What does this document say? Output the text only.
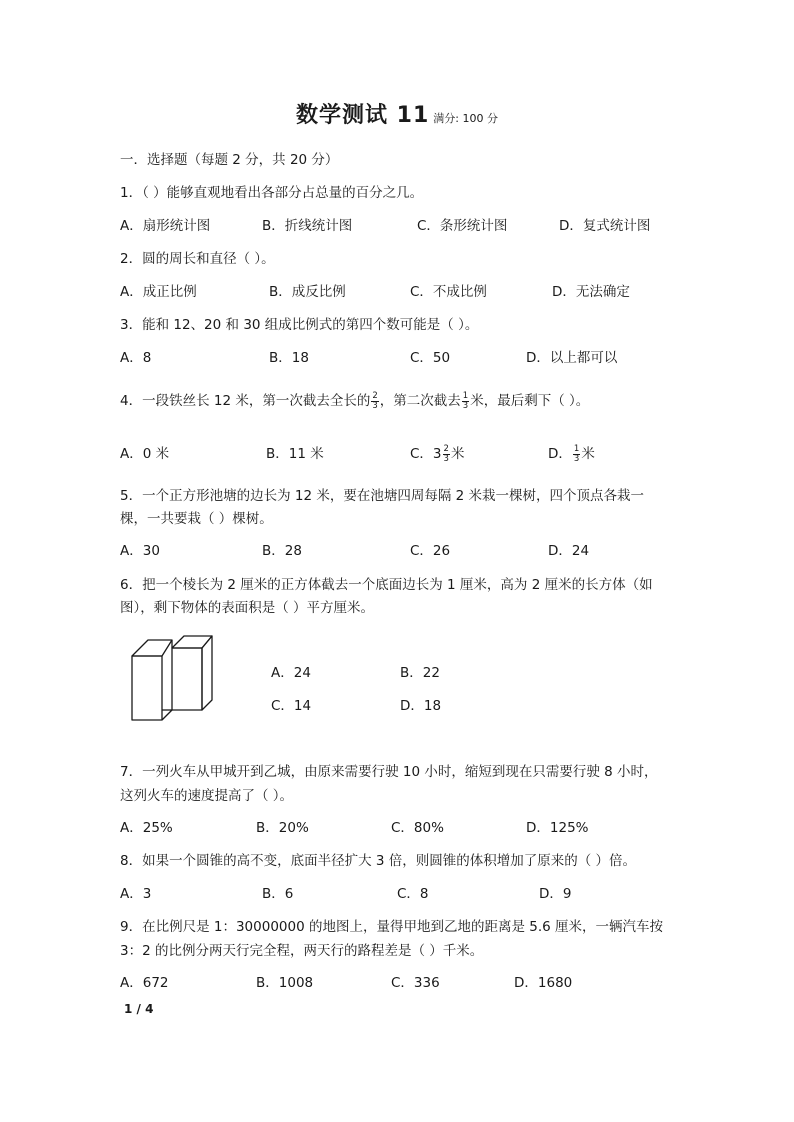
数学测试 11 满分: 100 分
一．选择题（每题 2 分，共 20 分）
1．（ ）能够直观地看出各部分占总量的百分之几。
A．扇形统计图	B．折线统计图	C．条形统计图	D．复式统计图
2．圆的周长和直径（ ）。
A．成正比例	B．成反比例	C．不成比例	D．无法确定
3．能和 12、20 和 30 组成比例式的第四个数可能是（ ）。
A．8	B．18	C．50	D．以上都可以
4．一段铁丝长 12 米，第一次截去全长的 $\frac{2}{3}$ ，第二次截去 $\frac{1}{3}$ 米，最后剩下（ ）。
A．0 米	B．11 米	C．$3 \frac{2}{3}$ 米	D． $\frac{1}{3}$ 米
5．一个正方形池塘的边长为 12 米，要在池塘四周每隔 2 米栽一棵树，四个顶点各栽一
棵，一共要栽（ ）棵树。
A．30	B．28	C．26	D．24
6．把一个棱长为 2 厘米的正方体截去一个底面边长为 1 厘米，高为 2 厘米的长方体（如
图），剩下物体的表面积是（ ）平方厘米。
A．24	B．22
C．14	D．18
7．一列火车从甲城开到乙城，由原来需要行驶 10 小时，缩短到现在只需要行驶 8 小时，
这列火车的速度提高了（ ）。
A．25%	B．20%	C．80%	D．125%
8．如果一个圆锥的高不变，底面半径扩大 3 倍，则圆锥的体积增加了原来的（ ）倍。
A．3	B．6	C．8	D．9
9．在比例尺是 1：30000000 的地图上，量得甲地到乙地的距离是 5.6 厘米，一辆汽车按
3：2 的比例分两天行完全程，两天行的路程差是（ ）千米。
A．672	B．1008	C．336	D．1680
1 / 4
